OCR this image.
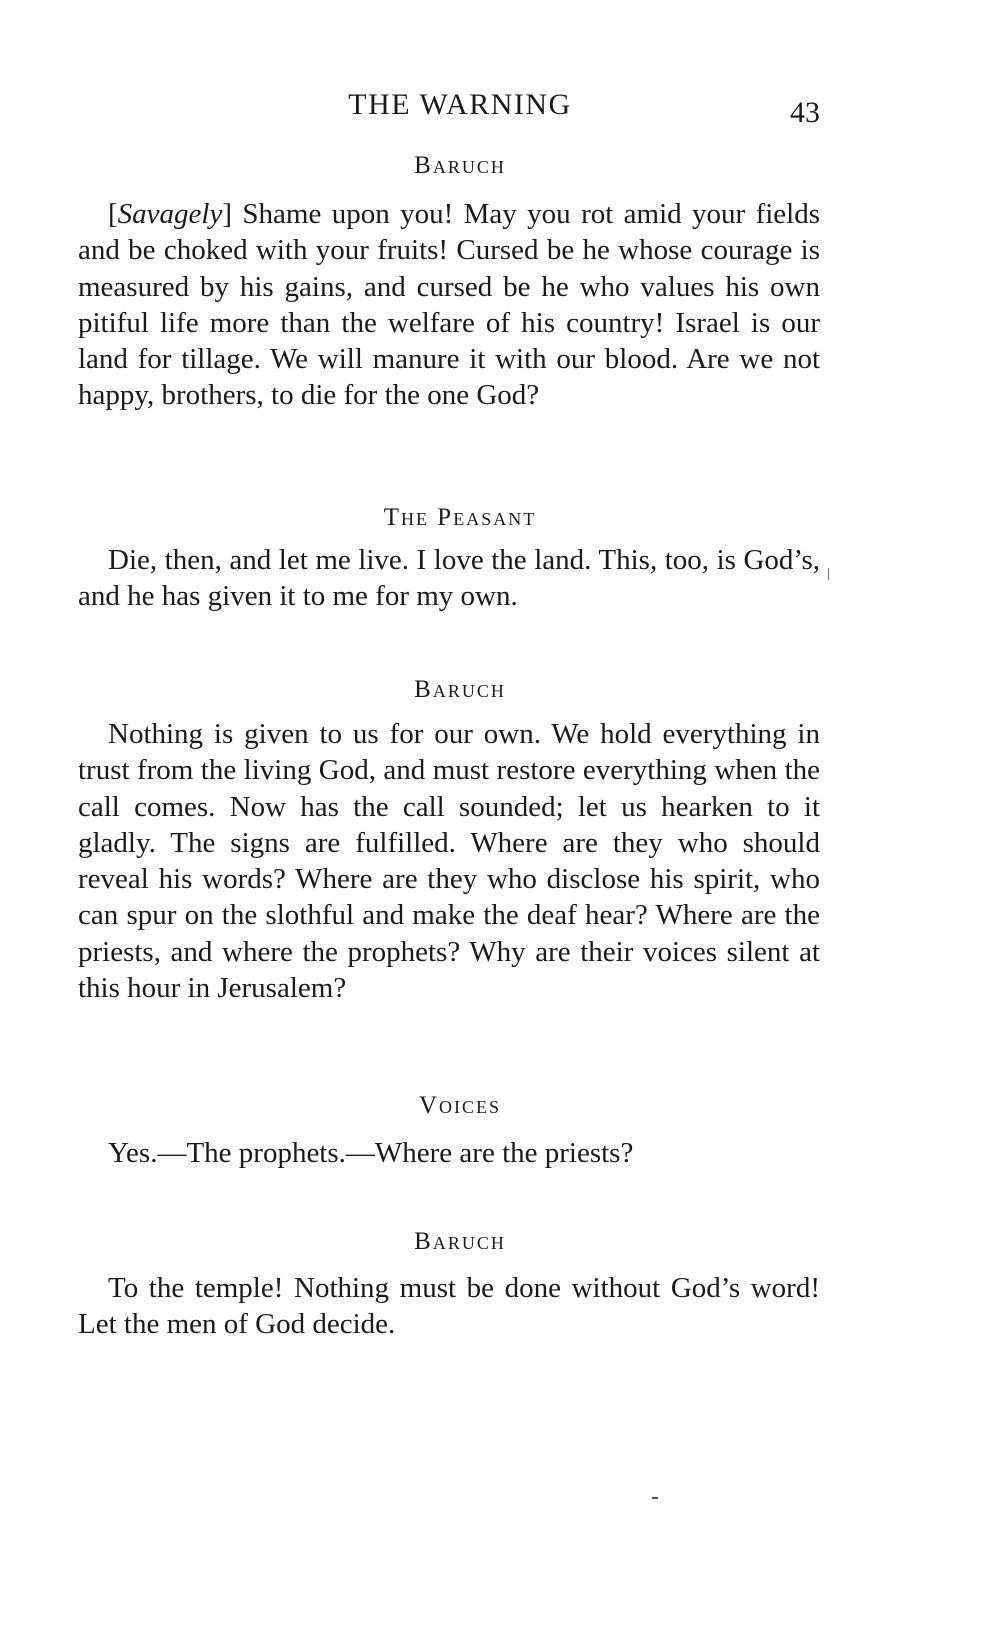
THE WARNING	43
Baruch
[Savagely] Shame upon you! May you rot amid your fields and be choked with your fruits! Cursed be he whose courage is measured by his gains, and cursed be he who values his own pitiful life more than the welfare of his country! Israel is our land for tillage. We will manure it with our blood. Are we not happy, brothers, to die for the one God?
The Peasant
Die, then, and let me live. I love the land. This, too, is God’s, and he has given it to me for my own.
Baruch
Nothing is given to us for our own. We hold everything in trust from the living God, and must restore everything when the call comes. Now has the call sounded; let us hearken to it gladly. The signs are fulfilled. Where are they who should reveal his words? Where are they who disclose his spirit, who can spur on the slothful and make the deaf hear? Where are the priests, and where the prophets? Why are their voices silent at this hour in Jerusalem?
Voices
Yes.—The prophets.—Where are the priests?
Baruch
To the temple! Nothing must be done without God’s word! Let the men of God decide.
